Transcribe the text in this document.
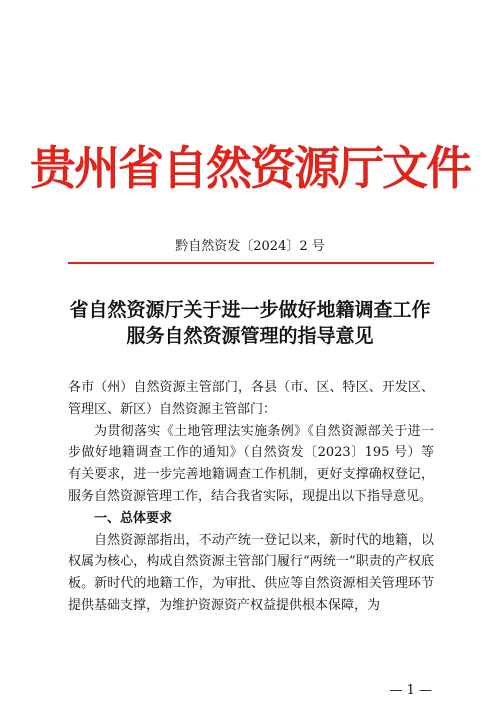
贵州省自然资源厅文件
黔自然资发〔2024〕2 号
省自然资源厅关于进一步做好地籍调查工作
服务自然资源管理的指导意见

各市（州）自然资源主管部门，各县（市、区、特区、开发区、管理区、新区）自然资源主管部门：

为贯彻落实《土地管理法实施条例》《自然资源部关于进一步做好地籍调查工作的通知》（自然资发〔2023〕195 号）等有关要求，进一步完善地籍调查工作机制，更好支撑确权登记，服务自然资源管理工作，结合我省实际，现提出以下指导意见。

一、总体要求

自然资源部指出，不动产统一登记以来，新时代的地籍，以权属为核心，构成自然资源主管部门履行“两统一”职责的产权底板。新时代的地籍工作，为审批、供应等自然资源相关管理环节提供基础支撑，为维护资源资产权益提供根本保障，为

— 1 —
